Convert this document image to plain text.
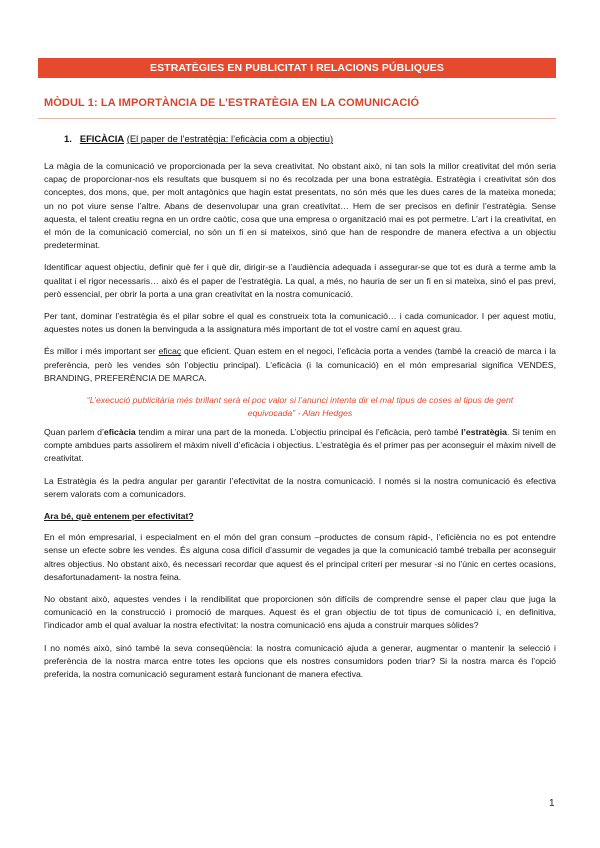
ESTRATÈGIES EN PUBLICITAT I RELACIONS PÚBLIQUES
MÒDUL 1: LA IMPORTÀNCIA DE L’ESTRATÈGIA EN LA COMUNICACIÓ
1. EFICÀCIA (El paper de l’estratègia: l’eficàcia com a objectiu)

La màgia de la comunicació ve proporcionada per la seva creativitat. No obstant això, ni tan sols la millor creativitat del món seria capaç de proporcionar-nos els resultats que busquem si no és recolzada per una bona estratègia. Estratègia i creativitat són dos conceptes, dos mons, que, per molt antagònics que hagin estat presentats, no són més que les dues cares de la mateixa moneda; un no pot viure sense l’altre. Abans de desenvolupar una gran creativitat… Hem de ser precisos en definir l’estratègia. Sense aquesta, el talent creatiu regna en un ordre caòtic, cosa que una empresa o organització mai es pot permetre. L’art i la creativitat, en el món de la comunicació comercial, no són un fi en si mateixos, sinó que han de respondre de manera efectiva a un objectiu predeterminat.

Identificar aquest objectiu, definir què fer i què dir, dirigir-se a l’audiència adequada i assegurar-se que tot es durà a terme amb la qualitat i el rigor necessaris… això és el paper de l’estratègia. La qual, a més, no hauria de ser un fi en si mateixa, sinó el pas previ, però essencial, per obrir la porta a una gran creativitat en la nostra comunicació.

Per tant, dominar l’estratègia és el pilar sobre el qual es construeix tota la comunicació… i cada comunicador. I per aquest motiu, aquestes notes us donen la benvinguda a la assignatura més important de tot el vostre camí en aquest grau.

És millor i més important ser eficaç que eficient. Quan estem en el negoci, l’eficàcia porta a vendes (també la creació de marca i la preferència, però les vendes són l’objectiu principal). L’eficàcia (i la comunicació) en el món empresarial significa VENDES, BRANDING, PREFERÈNCIA DE MARCA.

“L’execució publicitària més brillant serà el poc valor si l’anunci intenta dir el mal tipus de coses al tipus de gent equivocada” - Alan Hedges

Quan parlem d’eficàcia tendim a mirar una part de la moneda. L’objectiu principal és l’eficàcia, però també l’estratègia. Si tenim en compte ambdues parts assolirem el màxim nivell d’eficàcia i objectius. L’estratègia és el primer pas per aconseguir el màxim nivell de creativitat.

La Estratègia és la pedra angular per garantir l’efectivitat de la nostra comunicació. I només si la nostra comunicació és efectiva serem valorats com a comunicadors.

Ara bé, què entenem per efectivitat?

En el món empresarial, i especialment en el món del gran consum –productes de consum ràpid-, l’eficiència no es pot entendre sense un efecte sobre les vendes. És alguna cosa difícil d’assumir de vegades ja que la comunicació també treballa per aconseguir altres objectius. No obstant això, és necessari recordar que aquest és el principal criteri per mesurar -si no l’únic en certes ocasions, desafortunadament- la nostra feina.

No obstant això, aquestes vendes i la rendibilitat que proporcionen són difícils de comprendre sense el paper clau que juga la comunicació en la construcció i promoció de marques. Aquest és el gran objectiu de tot tipus de comunicació i, en definitiva, l’indicador amb el qual avaluar la nostra efectivitat: la nostra comunicació ens ajuda a construir marques sòlides?

I no només això, sinó també la seva conseqüència: la nostra comunicació ajuda a generar, augmentar o mantenir la selecció i preferència de la nostra marca entre totes les opcions que els nostres consumidors poden triar? Si la nostra marca és l’opció preferida, la nostra comunicació segurament estarà funcionant de manera efectiva.

1
